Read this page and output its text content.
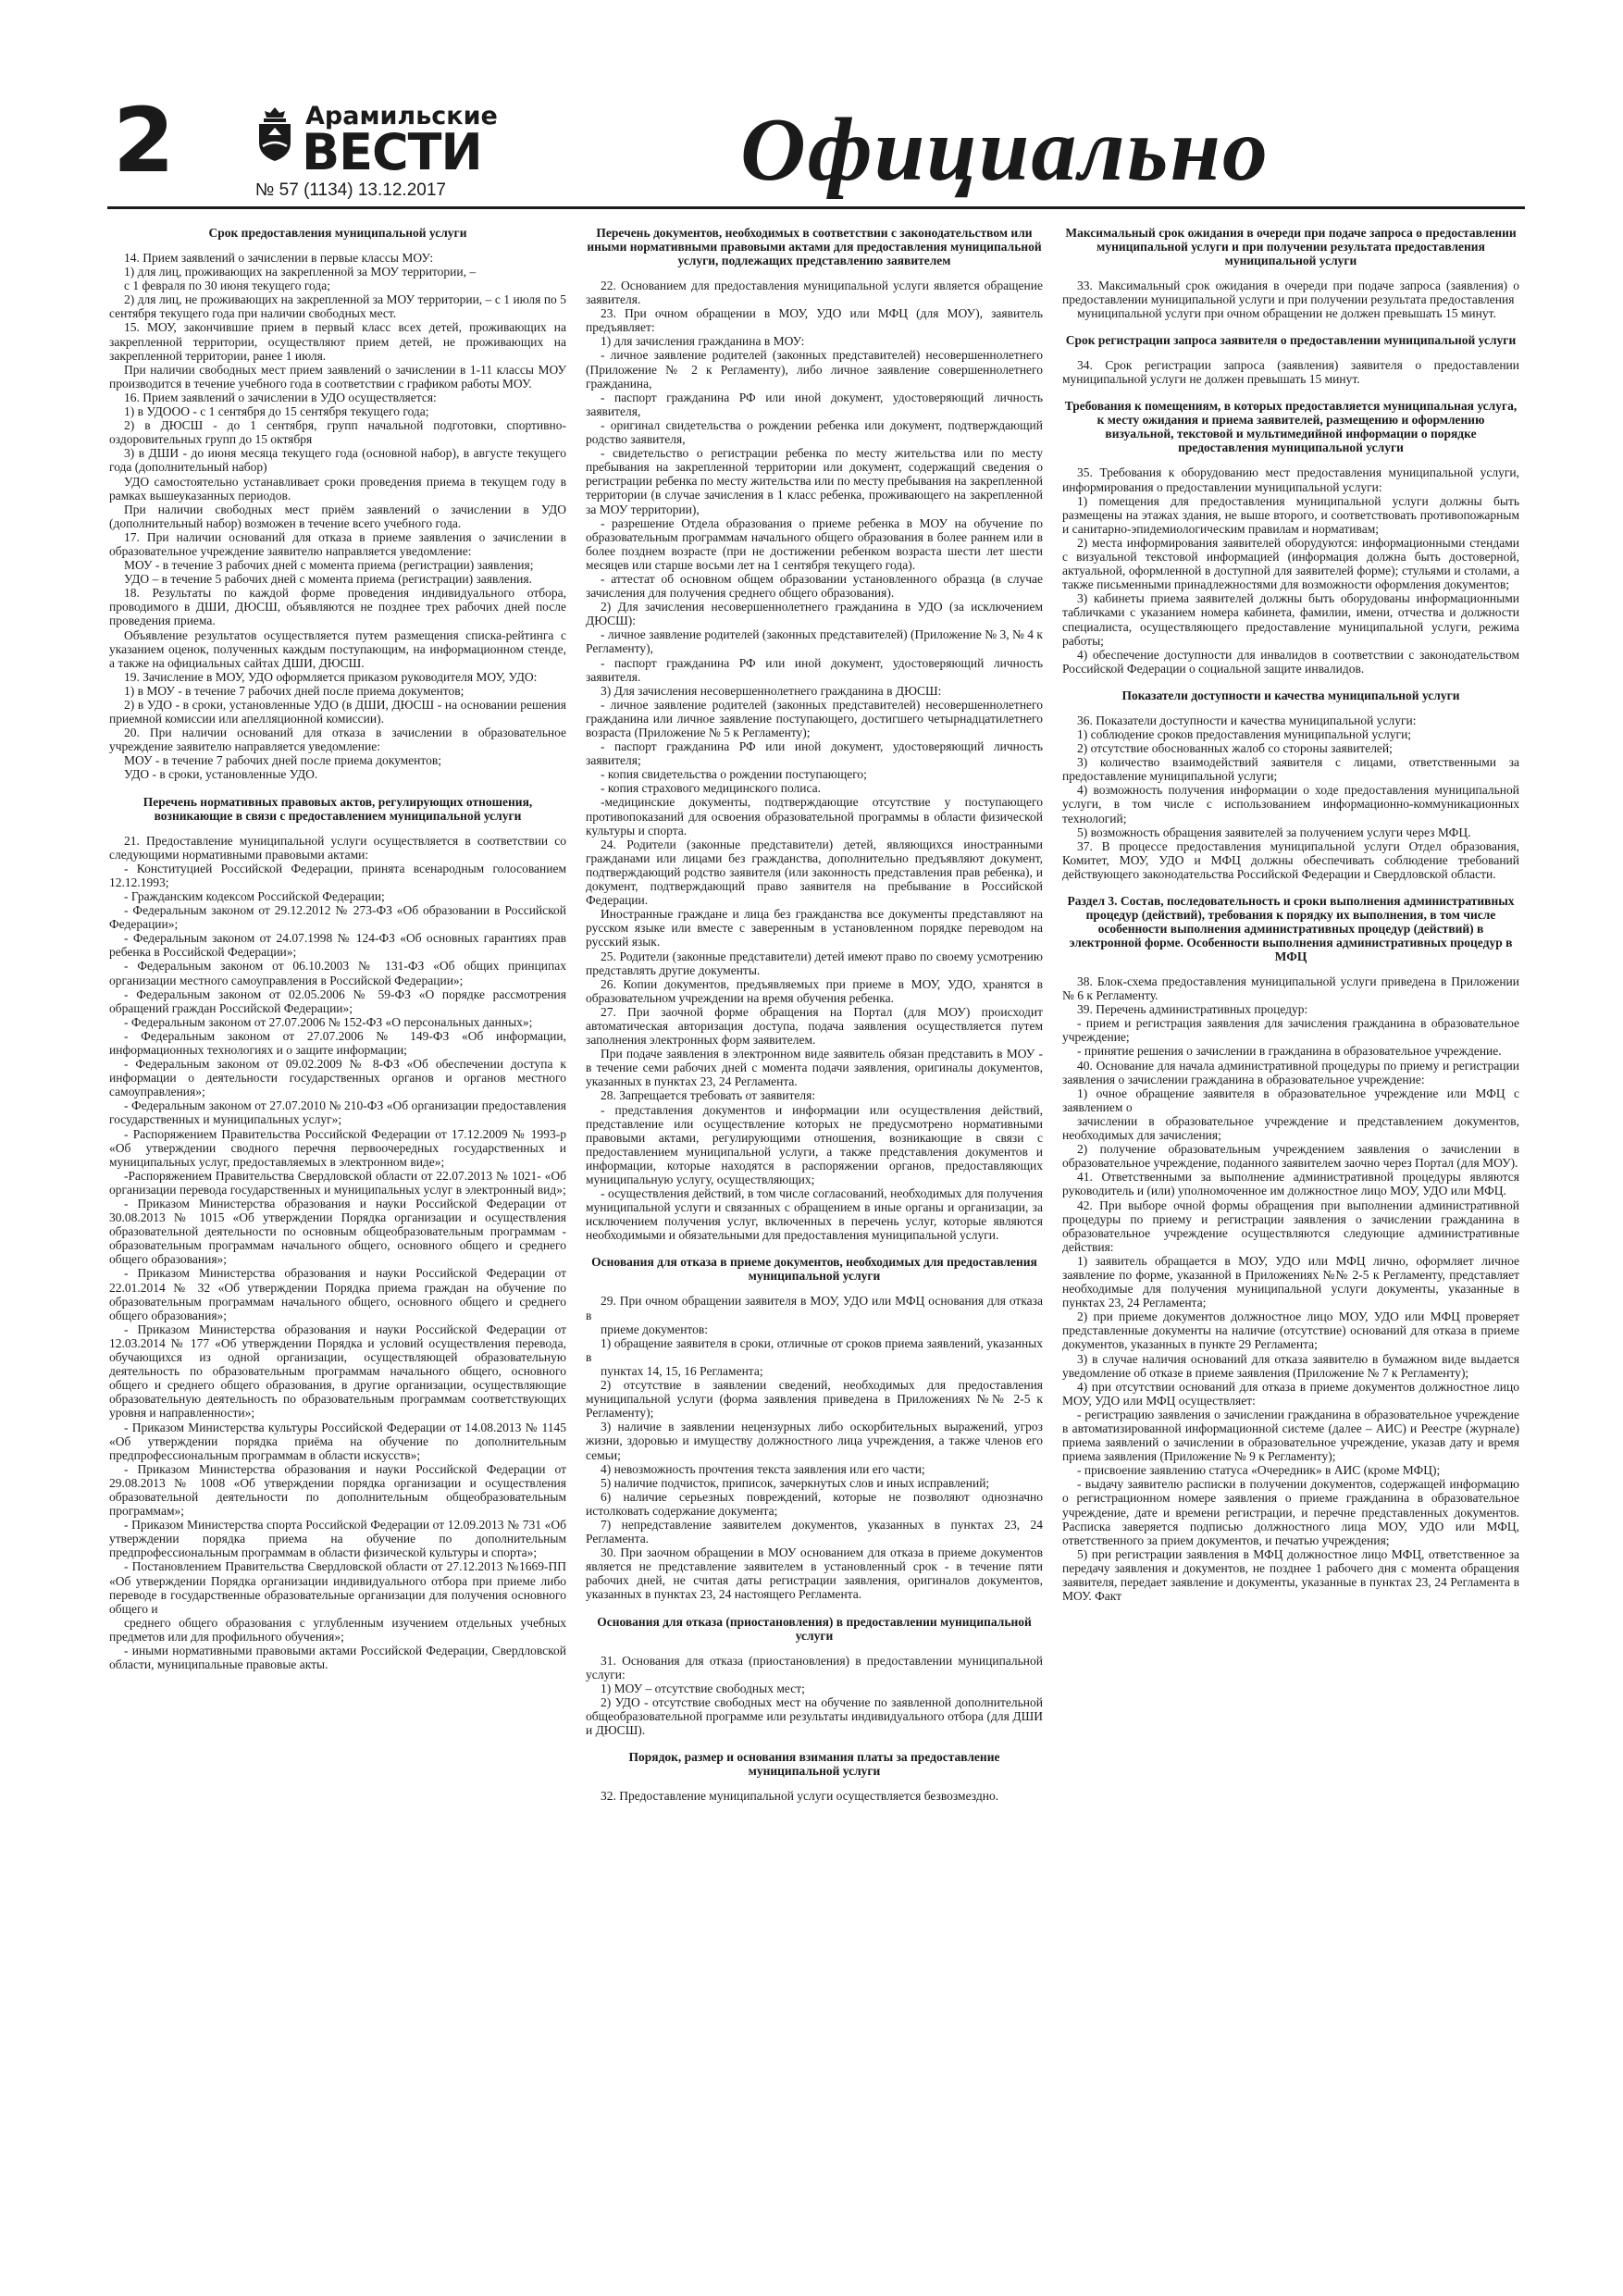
2	Арамильские

ВЕСТИ

№ 57 (1134) 13.12.2017	Официально
Срок предоставления муниципальной услуги

14. Прием заявлений о зачислении в первые классы МОУ:

1) для лиц, проживающих на закрепленной за МОУ территории, –

с 1 февраля по 30 июня текущего года;

2) для лиц, не проживающих на закрепленной за МОУ территории, – с 1 июля по 5 сентября текущего года при наличии свободных мест.

15. МОУ, закончившие прием в первый класс всех детей, проживающих на закрепленной территории, осуществляют прием детей, не проживающих на закрепленной территории, ранее 1 июля.

При наличии свободных мест прием заявлений о зачислении в 1-11 классы МОУ производится в течение учебного года в соответствии с графиком работы МОУ.

16. Прием заявлений о зачислении в УДО осуществляется:

1) в УДООО - с 1 сентября до 15 сентября текущего года;

2) в ДЮСШ - до 1 сентября, групп начальной подготовки, спортивно-оздоровительных групп до 15 октября

3) в ДШИ - до июня месяца текущего года (основной набор), в августе текущего года (дополнительный набор)

УДО самостоятельно устанавливает сроки проведения приема в текущем году в рамках вышеуказанных периодов.

При наличии свободных мест приём заявлений о зачислении в УДО (дополнительный набор) возможен в течение всего учебного года.

17. При наличии оснований для отказа в приеме заявления о зачислении в образовательное учреждение заявителю направляется уведомление:

МОУ - в течение 3 рабочих дней с момента приема (регистрации) заявления;

УДО – в течение 5 рабочих дней с момента приема (регистрации) заявления.

18. Результаты по каждой форме проведения индивидуального отбора, проводимого в ДШИ, ДЮСШ, объявляются не позднее трех рабочих дней после проведения приема.

Объявление результатов осуществляется путем размещения списка-рейтинга с указанием оценок, полученных каждым поступающим, на информационном стенде, а также на официальных сайтах ДШИ, ДЮСШ.

19. Зачисление в МОУ, УДО оформляется приказом руководителя МОУ, УДО:

1) в МОУ - в течение 7 рабочих дней после приема документов;

2) в УДО - в сроки, установленные УДО (в ДШИ, ДЮСШ - на основании решения приемной комиссии или апелляционной комиссии).

20. При наличии оснований для отказа в зачислении в образовательное учреждение заявителю направляется уведомление:

МОУ - в течение 7 рабочих дней после приема документов;

УДО - в сроки, установленные УДО.

Перечень нормативных правовых актов, регулирующих отношения, возникающие в связи с предоставлением муниципальной услуги

21. Предоставление муниципальной услуги осуществляется в соответствии со следующими нормативными правовыми актами:

- Конституцией Российской Федерации, принята всенародным голосованием 12.12.1993;

- Гражданским кодексом Российской Федерации;

- Федеральным законом от 29.12.2012 № 273-ФЗ «Об образовании в Российской Федерации»;

- Федеральным законом от 24.07.1998 № 124-ФЗ «Об основных гарантиях прав ребенка в Российской Федерации»;

- Федеральным законом от 06.10.2003 № 131-ФЗ «Об общих принципах организации местного самоуправления в Российской Федерации»;

- Федеральным законом от 02.05.2006 № 59-ФЗ «О порядке рассмотрения обращений граждан Российской Федерации»;

- Федеральным законом от 27.07.2006 № 152-ФЗ «О персональных данных»;

- Федеральным законом от 27.07.2006 № 149-ФЗ «Об информации, информационных технологиях и о защите информации;

- Федеральным законом от 09.02.2009 № 8-ФЗ «Об обеспечении доступа к информации о деятельности государственных органов и органов местного самоуправления»;

- Федеральным законом от 27.07.2010 № 210-ФЗ «Об организации предоставления государственных и муниципальных услуг»;

- Распоряжением Правительства Российской Федерации от 17.12.2009 № 1993-р «Об утверждении сводного перечня первоочередных государственных и муниципальных услуг, предоставляемых в электронном виде»;

-Распоряжением Правительства Свердловской области от 22.07.2013 № 1021- «Об организации перевода государственных и муниципальных услуг в электронный вид»;

- Приказом Министерства образования и науки Российской Федерации от 30.08.2013 № 1015 «Об утверждении Порядка организации и осуществления образовательной деятельности по основным общеобразовательным программам - образовательным программам начального общего, основного общего и среднего общего образования»;

- Приказом Министерства образования и науки Российской Федерации от 22.01.2014 № 32 «Об утверждении Порядка приема граждан на обучение по образовательным программам начального общего, основного общего и среднего общего образования»;

- Приказом Министерства образования и науки Российской Федерации от 12.03.2014 № 177 «Об утверждении Порядка и условий осуществления перевода, обучающихся из одной организации, осуществляющей образовательную деятельность по образовательным программам начального общего, основного общего и среднего общего образования, в другие организации, осуществляющие образовательную деятельность по образовательным программам соответствующих уровня и направленности»;

- Приказом Министерства культуры Российской Федерации от 14.08.2013 № 1145 «Об утверждении порядка приёма на обучение по дополнительным предпрофессиональным программам в области искусств»;

- Приказом Министерства образования и науки Российской Федерации от 29.08.2013 № 1008 «Об утверждении порядка организации и осуществления образовательной деятельности по дополнительным общеобразовательным программам»;

- Приказом Министерства спорта Российской Федерации от 12.09.2013 № 731 «Об утверждении порядка приема на обучение по дополнительным предпрофессиональным программам в области физической культуры и спорта»;

- Постановлением Правительства Свердловской области от 27.12.2013 №1669-ПП «Об утверждении Порядка организации индивидуального отбора при приеме либо переводе в государственные образовательные организации для получения основного общего и

среднего общего образования с углубленным изучением отдельных учебных предметов или для профильного обучения»;

- иными нормативными правовыми актами Российской Федерации, Свердловской области, муниципальные правовые акты.

Перечень документов, необходимых в соответствии с законодательством или иными нормативными правовыми актами для предоставления муниципальной услуги, подлежащих представлению заявителем

22. Основанием для предоставления муниципальной услуги является обращение заявителя.

23. При очном обращении в МОУ, УДО или МФЦ (для МОУ), заявитель предъявляет:

1) для зачисления гражданина в МОУ:

- личное заявление родителей (законных представителей) несовершеннолетнего (Приложение № 2 к Регламенту), либо личное заявление совершеннолетнего гражданина,

- паспорт гражданина РФ или иной документ, удостоверяющий личность заявителя,

- оригинал свидетельства о рождении ребенка или документ, подтверждающий родство заявителя,

- свидетельство о регистрации ребенка по месту жительства или по месту пребывания на закрепленной территории или документ, содержащий сведения о регистрации ребенка по месту жительства или по месту пребывания на закрепленной территории (в случае зачисления в 1 класс ребенка, проживающего на закрепленной за МОУ территории),

- разрешение Отдела образования о приеме ребенка в МОУ на обучение по образовательным программам начального общего образования в более раннем или в более позднем возрасте (при не достижении ребенком возраста шести лет шести месяцев или старше восьми лет на 1 сентября текущего года).

- аттестат об основном общем образовании установленного образца (в случае зачисления для получения среднего общего образования).

2) Для зачисления несовершеннолетнего гражданина в УДО (за исключением ДЮСШ):

- личное заявление родителей (законных представителей) (Приложение № 3, № 4 к Регламенту),

- паспорт гражданина РФ или иной документ, удостоверяющий личность заявителя.

3) Для зачисления несовершеннолетнего гражданина в ДЮСШ:

- личное заявление родителей (законных представителей) несовершеннолетнего гражданина или личное заявление поступающего, достигшего четырнадцатилетнего возраста (Приложение № 5 к Регламенту);

- паспорт гражданина РФ или иной документ, удостоверяющий личность заявителя;

- копия свидетельства о рождении поступающего;

- копия страхового медицинского полиса.

-медицинские документы, подтверждающие отсутствие у поступающего противопоказаний для освоения образовательной программы в области физической культуры и спорта.

24. Родители (законные представители) детей, являющихся иностранными гражданами или лицами без гражданства, дополнительно предъявляют документ, подтверждающий родство заявителя (или законность представления прав ребенка), и документ, подтверждающий право заявителя на пребывание в Российской Федерации.

Иностранные граждане и лица без гражданства все документы представляют на русском языке или вместе с заверенным в установленном порядке переводом на русский язык.

25. Родители (законные представители) детей имеют право по своему усмотрению представлять другие документы.

26. Копии документов, предъявляемых при приеме в МОУ, УДО, хранятся в образовательном учреждении на время обучения ребенка.

27. При заочной форме обращения на Портал (для МОУ) происходит автоматическая авторизация доступа, подача заявления осуществляется путем заполнения электронных форм заявителем.

При подаче заявления в электронном виде заявитель обязан представить в МОУ - в течение семи рабочих дней с момента подачи заявления, оригиналы документов, указанных в пунктах 23, 24 Регламента.

28. Запрещается требовать от заявителя:

- представления документов и информации или осуществления действий, представление или осуществление которых не предусмотрено нормативными правовыми актами, регулирующими отношения, возникающие в связи с предоставлением муниципальной услуги, а также представления документов и информации, которые находятся в распоряжении органов, предоставляющих муниципальную услугу, осуществляющих;

- осуществления действий, в том числе согласований, необходимых для получения муниципальной услуги и связанных с обращением в иные органы и организации, за исключением получения услуг, включенных в перечень услуг, которые являются необходимыми и обязательными для предоставления муниципальной услуги.

Основания для отказа в приеме документов, необходимых для предоставления муниципальной услуги

29. При очном обращении заявителя в МОУ, УДО или МФЦ основания для отказа в

приеме документов:

1) обращение заявителя в сроки, отличные от сроков приема заявлений, указанных в

пунктах 14, 15, 16 Регламента;

2) отсутствие в заявлении сведений, необходимых для предоставления муниципальной услуги (форма заявления приведена в Приложениях №№ 2-5 к Регламенту);

3) наличие в заявлении нецензурных либо оскорбительных выражений, угроз жизни, здоровью и имуществу должностного лица учреждения, а также членов его семьи;

4) невозможность прочтения текста заявления или его части;

5) наличие подчисток, приписок, зачеркнутых слов и иных исправлений;

6) наличие серьезных повреждений, которые не позволяют однозначно истолковать содержание документа;

7) непредставление заявителем документов, указанных в пунктах 23, 24 Регламента.

30. При заочном обращении в МОУ основанием для отказа в приеме документов является не представление заявителем в установленный срок - в течение пяти рабочих дней, не считая даты регистрации заявления, оригиналов документов, указанных в пунктах 23, 24 настоящего Регламента.

Основания для отказа (приостановления) в предоставлении муниципальной услуги

31. Основания для отказа (приостановления) в предоставлении муниципальной услуги:

1) МОУ – отсутствие свободных мест;

2) УДО - отсутствие свободных мест на обучение по заявленной дополнительной общеобразовательной программе или результаты индивидуального отбора (для ДШИ и ДЮСШ).

Порядок, размер и основания взимания платы за предоставление муниципальной услуги

32. Предоставление муниципальной услуги осуществляется безвозмездно.

Максимальный срок ожидания в очереди при подаче запроса о предоставлении муниципальной услуги и при получении результата предоставления муниципальной услуги

33. Максимальный срок ожидания в очереди при подаче запроса (заявления) о предоставлении муниципальной услуги и при получении результата предоставления

муниципальной услуги при очном обращении не должен превышать 15 минут.

Срок регистрации запроса заявителя о предоставлении муниципальной услуги

34. Срок регистрации запроса (заявления) заявителя о предоставлении муниципальной услуги не должен превышать 15 минут.

Требования к помещениям, в которых предоставляется муниципальная услуга, к месту ожидания и приема заявителей, размещению и оформлению визуальной, текстовой и мультимедийной информации о порядке предоставления муниципальной услуги

35. Требования к оборудованию мест предоставления муниципальной услуги, информирования о предоставлении муниципальной услуги:

1) помещения для предоставления муниципальной услуги должны быть размещены на этажах здания, не выше второго, и соответствовать противопожарным и санитарно-эпидемиологическим правилам и нормативам;

2) места информирования заявителей оборудуются: информационными стендами с визуальной текстовой информацией (информация должна быть достоверной, актуальной, оформленной в доступной для заявителей форме); стульями и столами, а также письменными принадлежностями для возможности оформления документов;

3) кабинеты приема заявителей должны быть оборудованы информационными табличками с указанием номера кабинета, фамилии, имени, отчества и должности специалиста, осуществляющего предоставление муниципальной услуги, режима работы;

4) обеспечение доступности для инвалидов в соответствии с законодательством Российской Федерации о социальной защите инвалидов.

Показатели доступности и качества муниципальной услуги

36. Показатели доступности и качества муниципальной услуги:

1) соблюдение сроков предоставления муниципальной услуги;

2) отсутствие обоснованных жалоб со стороны заявителей;

3) количество взаимодействий заявителя с лицами, ответственными за предоставление муниципальной услуги;

4) возможность получения информации о ходе предоставления муниципальной услуги, в том числе с использованием информационно-коммуникационных технологий;

5) возможность обращения заявителей за получением услуги через МФЦ.

37. В процессе предоставления муниципальной услуги Отдел образования, Комитет, МОУ, УДО и МФЦ должны обеспечивать соблюдение требований действующего законодательства Российской Федерации и Свердловской области.

Раздел 3. Состав, последовательность и сроки выполнения административных процедур (действий), требования к порядку их выполнения, в том числе особенности выполнения административных процедур (действий) в электронной форме. Особенности выполнения административных процедур в МФЦ

38. Блок-схема предоставления муниципальной услуги приведена в Приложении № 6 к Регламенту.

39. Перечень административных процедур:

- прием и регистрация заявления для зачисления гражданина в образовательное учреждение;

- принятие решения о зачислении в гражданина в образовательное учреждение.

40. Основание для начала административной процедуры по приему и регистрации заявления о зачислении гражданина в образовательное учреждение:

1) очное обращение заявителя в образовательное учреждение или МФЦ с заявлением о

зачислении в образовательное учреждение и представлением документов, необходимых для зачисления;

2) получение образовательным учреждением заявления о зачислении в образовательное учреждение, поданного заявителем заочно через Портал (для МОУ).

41. Ответственными за выполнение административной процедуры являются руководитель и (или) уполномоченное им должностное лицо МОУ, УДО или МФЦ.

42. При выборе очной формы обращения при выполнении административной процедуры по приему и регистрации заявления о зачислении гражданина в образовательное учреждение осуществляются следующие административные действия:

1) заявитель обращается в МОУ, УДО или МФЦ лично, оформляет личное заявление по форме, указанной в Приложениях №№ 2-5 к Регламенту, представляет необходимые для получения муниципальной услуги документы, указанные в пунктах 23, 24 Регламента;

2) при приеме документов должностное лицо МОУ, УДО или МФЦ проверяет представленные документы на наличие (отсутствие) оснований для отказа в приеме документов, указанных в пункте 29 Регламента;

3) в случае наличия оснований для отказа заявителю в бумажном виде выдается уведомление об отказе в приеме заявления (Приложение № 7 к Регламенту);

4) при отсутствии оснований для отказа в приеме документов должностное лицо МОУ, УДО или МФЦ осуществляет:

- регистрацию заявления о зачислении гражданина в образовательное учреждение в автоматизированной информационной системе (далее – АИС) и Реестре (журнале) приема заявлений о зачислении в образовательное учреждение, указав дату и время приема заявления (Приложение № 9 к Регламенту);

- присвоение заявлению статуса «Очередник» в АИС (кроме МФЦ);

- выдачу заявителю расписки в получении документов, содержащей информацию о регистрационном номере заявления о приеме гражданина в образовательное учреждение, дате и времени регистрации, и перечне представленных документов. Расписка заверяется подписью должностного лица МОУ, УДО или МФЦ, ответственного за прием документов, и печатью учреждения;

5) при регистрации заявления в МФЦ должностное лицо МФЦ, ответственное за передачу заявления и документов, не позднее 1 рабочего дня с момента обращения заявителя, передает заявление и документы, указанные в пунктах 23, 24 Регламента в МОУ. Факт
